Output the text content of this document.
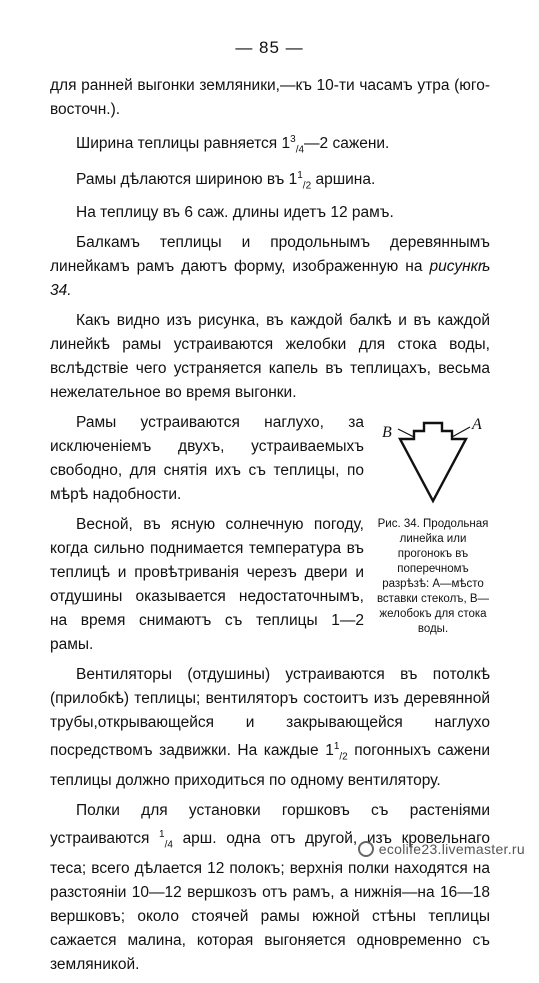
— 85 —

для ранней выгонки земляники,—къ 10-ти часамъ утра (юго-восточн.).

Ширина теплицы равняется $1^3_{/4}—2$ сажени.

Рамы дѣлаются шириною въ $1^1_{/2}$ аршина.

На теплицу въ 6 саж. длины идетъ 12 рамъ.

Балкамъ теплицы и продольнымъ деревяннымъ линейкамъ рамъ даютъ форму, изображенную на рисункѣ 34.

Какъ видно изъ рисунка, въ каждой балкѣ и въ каждой линейкѣ рамы устраиваются желобки для стока воды, вслѣдствіе чего устраняется капель въ теплицахъ, весьма нежелательное во время выгонки.

А
В
Рис. 34. Продольная линейка или прогонокъ въ поперечномъ разрѣзѣ: А—мѣсто вставки стеколъ, В—желобокъ для стока воды.

Рамы устраиваются наглухо, за исключеніемъ двухъ, устраиваемыхъ свободно, для снятія ихъ съ теплицы, по мѣрѣ надобности.

Весной, въ ясную солнечную погоду, когда сильно поднимается температура въ теплицѣ и провѣтриванія черезъ двери и отдушины оказывается недостаточнымъ, на время снимаютъ съ теплицы 1—2 рамы.

Вентиляторы (отдушины) устраиваются въ потолкѣ (прилобкѣ) теплицы; вентиляторъ состоитъ изъ деревянной трубы,открывающейся и закрывающейся наглухо посредствомъ задвижки. На каждые $1^1_{/2}$ погонныхъ сажени теплицы должно приходиться по одному вентилятору.

Полки для установки горшковъ съ растеніями устраиваются $^1_{/4}$ арш. одна отъ другой, изъ кровельнаго теса; всего дѣлается 12 полокъ; верхнія полки находятся на разстояніи 10—12 вершкозъ отъ рамъ, а нижнія—на 16—18 вершковъ; около стоячей рамы южной стѣны теплицы сажается малина, которая выгоняется одновременно съ земляникой.

ecolife23.livemaster.ru
